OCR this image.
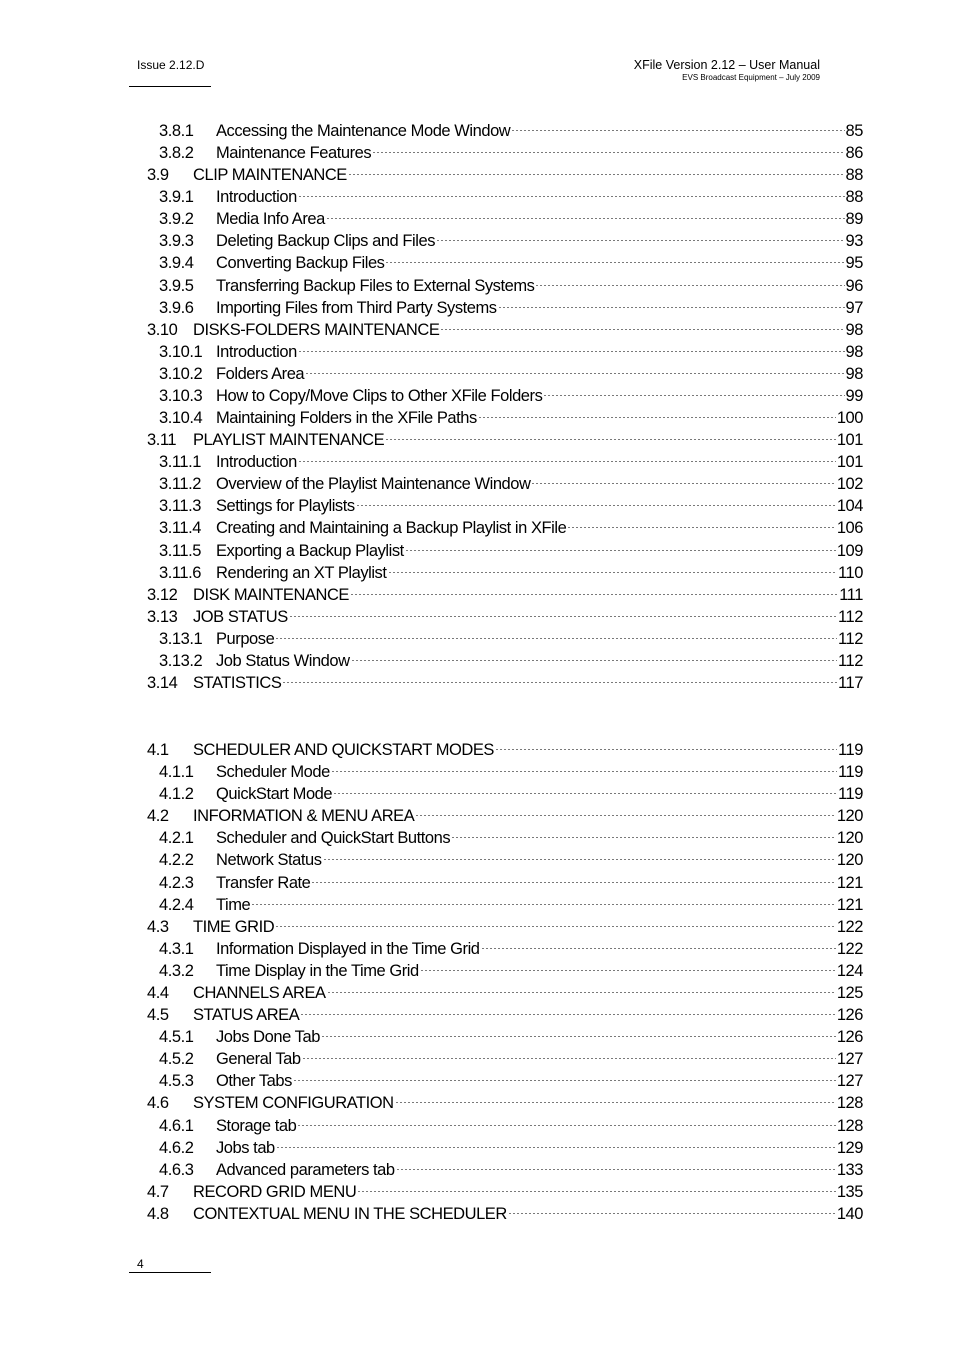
Issue 2.12.D	XFile Version 2.12 – User Manual
EVS Broadcast Equipment – July 2009
3.8.1	Accessing the Maintenance Mode Window	85
3.8.2	Maintenance Features	86
3.9	CLIP MAINTENANCE	88
3.9.1	Introduction	88
3.9.2	Media Info Area	89
3.9.3	Deleting Backup Clips and Files	93
3.9.4	Converting Backup Files	95
3.9.5	Transferring Backup Files to External Systems	96
3.9.6	Importing Files from Third Party Systems	97
3.10 DISKS-FOLDERS MAINTENANCE	98
3.10.1 Introduction	98
3.10.2 Folders Area	98
3.10.3 How to Copy/Move Clips to Other XFile Folders	99
3.10.4 Maintaining Folders in the XFile Paths	100
3.11	PLAYLIST MAINTENANCE	101
3.11.1 Introduction	101
3.11.2 Overview of the Playlist Maintenance Window	102
3.11.3 Settings for Playlists	104
3.11.4 Creating and Maintaining a Backup Playlist in XFile	106
3.11.5 Exporting a Backup Playlist	109
3.11.6 Rendering an XT Playlist	110
3.12 DISK MAINTENANCE	111
3.13 JOB STATUS	112
3.13.1 Purpose	112
3.13.2 Job Status Window	112
3.14 STATISTICS	117
4.1	SCHEDULER AND QUICKSTART MODES	119
4.1.1	Scheduler Mode	119
4.1.2	QuickStart Mode	119
4.2	INFORMATION & MENU AREA	120
4.2.1	Scheduler and QuickStart Buttons	120
4.2.2	Network Status	120
4.2.3	Transfer Rate	121
4.2.4	Time	121
4.3	TIME GRID	122
4.3.1	Information Displayed in the Time Grid	122
4.3.2	Time Display in the Time Grid	124
4.4	CHANNELS AREA	125
4.5	STATUS AREA	126
4.5.1	Jobs Done Tab	126
4.5.2	General Tab	127
4.5.3	Other Tabs	127
4.6	SYSTEM CONFIGURATION	128
4.6.1	Storage tab	128
4.6.2	Jobs tab	129
4.6.3	Advanced parameters tab	133
4.7	RECORD GRID MENU	135
4.8	CONTEXTUAL MENU IN THE SCHEDULER	140
4
